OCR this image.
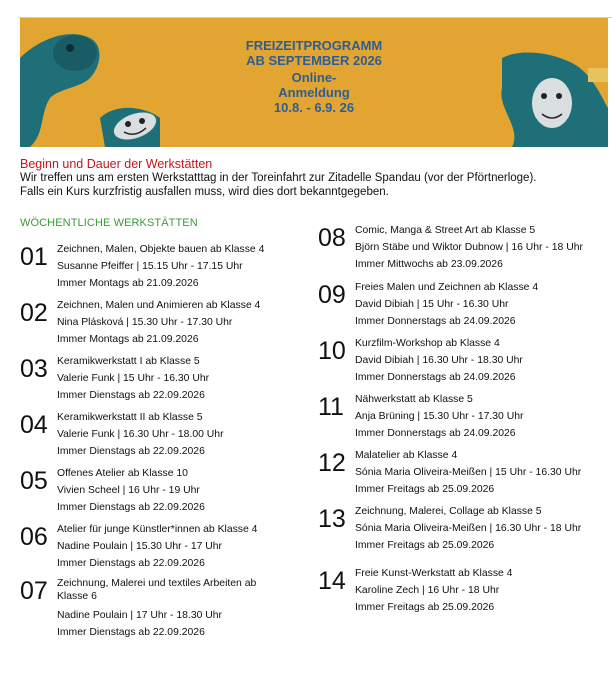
FREIZEITPROGRAMM
AB SEPTEMBER 2026
Online-
Anmeldung
10.8. - 6.9. 26
Beginn und Dauer der Werkstätten

Wir treffen uns am ersten Werkstatttag in der Toreinfahrt zur Zitadelle Spandau (vor der Pförtnerloge).

Falls ein Kurs kurzfristig ausfallen muss, wird dies dort bekanntgegeben.

WÖCHENTLICHE WERKSTÄTTEN
01 Zeichnen, Malen, Objekte bauen ab Klasse 4
Susanne Pfeiffer | 15.15 Uhr - 17.15 Uhr
Immer Montags ab 21.09.2026
02 Zeichnen, Malen und Animieren ab Klasse 4
Nina Plásková | 15.30 Uhr - 17.30 Uhr
Immer Montags ab 21.09.2026
03 Keramikwerkstatt I ab Klasse 5
Valerie Funk | 15 Uhr - 16.30 Uhr
Immer Dienstags ab 22.09.2026
04 Keramikwerkstatt II ab Klasse 5
Valerie Funk | 16.30 Uhr - 18.00 Uhr
Immer Dienstags ab 22.09.2026
05 Offenes Atelier ab Klasse 10
Vivien Scheel | 16 Uhr - 19 Uhr
Immer Dienstags ab 22.09.2026
06 Atelier für junge Künstler*innen ab Klasse 4
Nadine Poulain | 15.30 Uhr - 17 Uhr
Immer Dienstags ab 22.09.2026
07 Zeichnung, Malerei und textiles Arbeiten ab Klasse 6
Nadine Poulain | 17 Uhr - 18.30 Uhr
Immer Dienstags ab 22.09.2026
08 Comic, Manga & Street Art ab Klasse 5
Björn Stäbe und Wiktor Dubnow | 16 Uhr - 18 Uhr
Immer Mittwochs ab 23.09.2026
09 Freies Malen und Zeichnen ab Klasse 4
David Dibiah | 15 Uhr - 16.30 Uhr
Immer Donnerstags ab 24.09.2026
10 Kurzfilm-Workshop ab Klasse 4
David Dibiah | 16.30 Uhr - 18.30 Uhr
Immer Donnerstags ab 24.09.2026
11	Nähwerkstatt ab Klasse 5
Anja Brüning | 15.30 Uhr - 17.30 Uhr
Immer Donnerstags ab 24.09.2026
12 Malatelier ab Klasse 4
Sónia Maria Oliveira-Meißen | 15 Uhr - 16.30 Uhr
Immer Freitags ab 25.09.2026
13 Zeichnung, Malerei, Collage ab Klasse 5
Sónia Maria Oliveira-Meißen | 16.30 Uhr - 18 Uhr
Immer Freitags ab 25.09.2026
14 Freie Kunst-Werkstatt ab Klasse 4
Karoline Zech | 16 Uhr - 18 Uhr
Immer Freitags ab 25.09.2026
